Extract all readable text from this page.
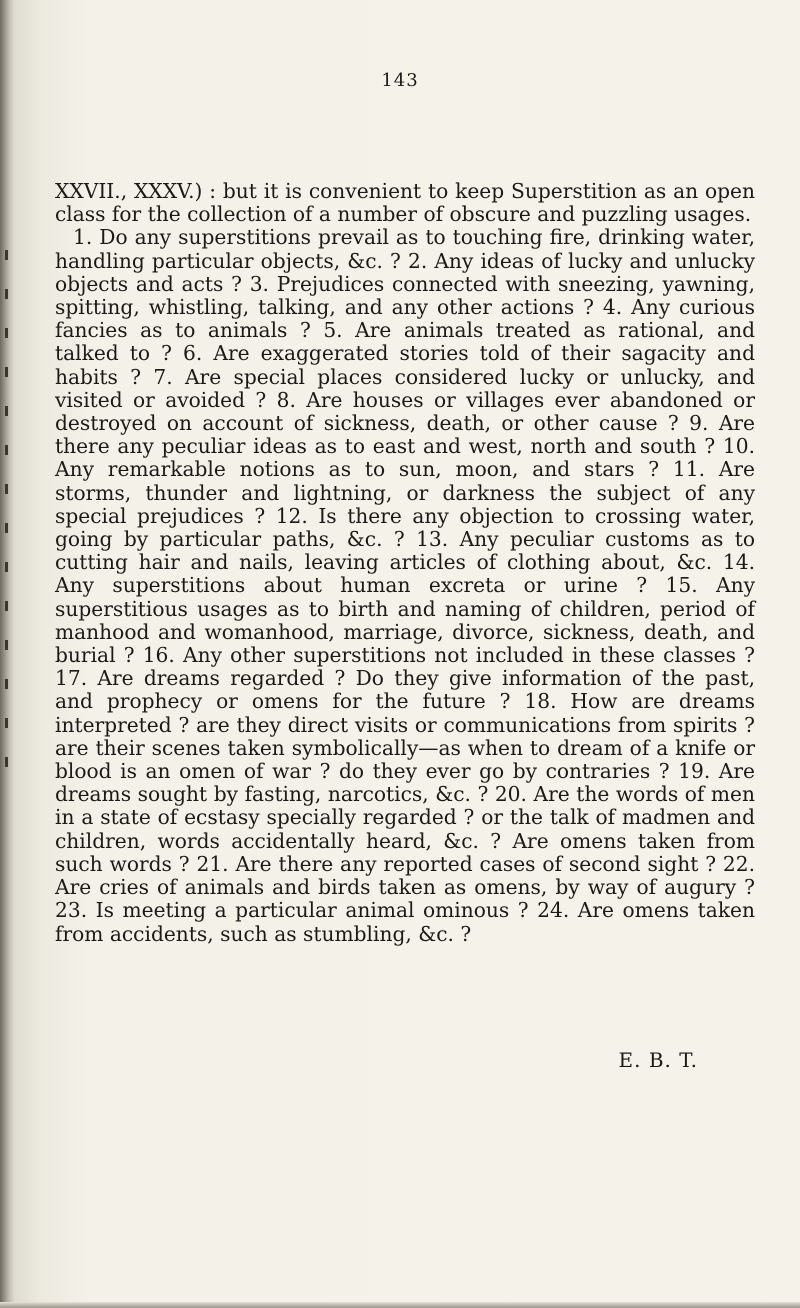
143

XXVII., XXXV.) : but it is convenient to keep Superstition as an open class for the collection of a number of obscure and puzzling usages.

1. Do any superstitions prevail as to touching fire, drinking water, handling particular objects, &c. ? 2. Any ideas of lucky and unlucky objects and acts ? 3. Prejudices connected with sneezing, yawning, spitting, whistling, talking, and any other actions ? 4. Any curious fancies as to animals ? 5. Are animals treated as rational, and talked to ? 6. Are exaggerated stories told of their sagacity and habits ? 7. Are special places considered lucky or unlucky, and visited or avoided ? 8. Are houses or villages ever abandoned or destroyed on account of sickness, death, or other cause ? 9. Are there any peculiar ideas as to east and west, north and south ? 10. Any remarkable notions as to sun, moon, and stars ? 11. Are storms, thunder and lightning, or darkness the subject of any special prejudices ? 12. Is there any objection to crossing water, going by particular paths, &c. ? 13. Any peculiar customs as to cutting hair and nails, leaving articles of clothing about, &c. 14. Any superstitions about human excreta or urine ? 15. Any superstitious usages as to birth and naming of children, period of manhood and womanhood, marriage, divorce, sickness, death, and burial ? 16. Any other superstitions not included in these classes ? 17. Are dreams regarded ? Do they give information of the past, and prophecy or omens for the future ? 18. How are dreams interpreted ? are they direct visits or communications from spirits ? are their scenes taken symbolically—as when to dream of a knife or blood is an omen of war ? do they ever go by contraries ? 19. Are dreams sought by fasting, narcotics, &c. ? 20. Are the words of men in a state of ecstasy specially regarded ? or the talk of madmen and children, words accidentally heard, &c. ? Are omens taken from such words ? 21. Are there any reported cases of second sight ? 22. Are cries of animals and birds taken as omens, by way of augury ? 23. Is meeting a particular animal ominous ? 24. Are omens taken from accidents, such as stumbling, &c. ?

E. B. T.
